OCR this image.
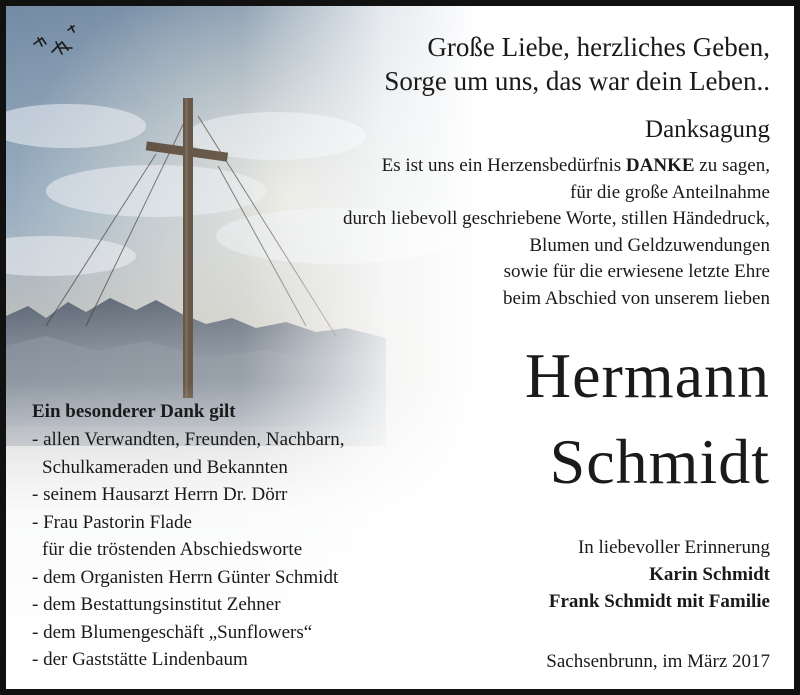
Große Liebe, herzliches Geben,

Sorge um uns, das war dein Leben..

Danksagung

Es ist uns ein Herzensbedürfnis DANKE zu sagen,
für die große Anteilnahme
durch liebevoll geschriebene Worte, stillen Händedruck,
Blumen und Geldzuwendungen
sowie für die erwiesene letzte Ehre
beim Abschied von unserem lieben

Hermann

Schmidt

Ein besonderer Dank gilt

- allen Verwandten, Freunden, Nachbarn,
Schulkameraden und Bekannten
- seinem Hausarzt Herrn Dr. Dörr
- Frau Pastorin Flade
für die tröstenden Abschiedsworte
- dem Organisten Herrn Günter Schmidt
- dem Bestattungsinstitut Zehner
- dem Blumengeschäft „Sunflowers“
- der Gaststätte Lindenbaum
In liebevoller Erinnerung
Karin Schmidt
Frank Schmidt mit Familie

Sachsenbrunn, im März 2017
